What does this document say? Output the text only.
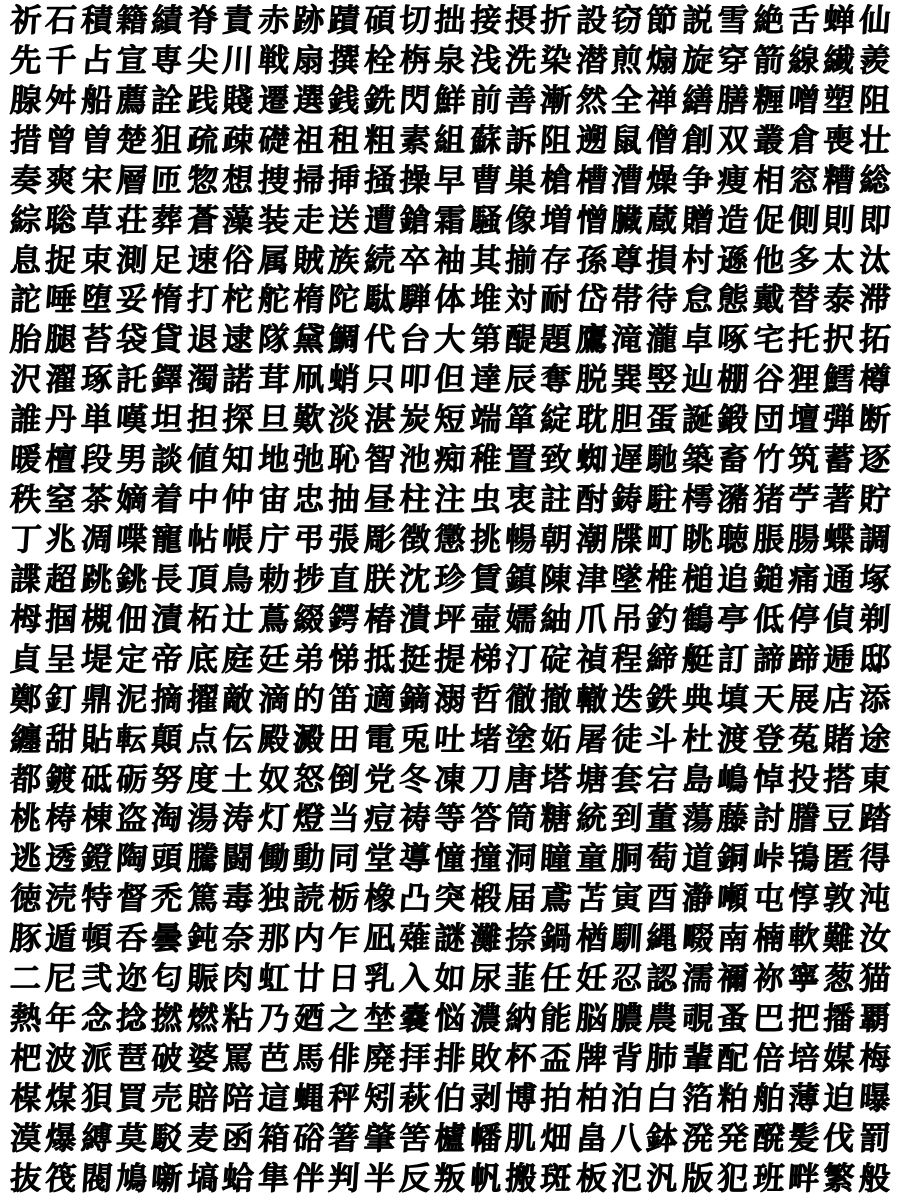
祈 石 積 籍 績 脊 責 赤 跡 蹟 碩 切 拙 接 摂 折 設 窃 節 説 雪 絶 舌 蝉 仙
先 千 占 宣 専 尖 川 戦 扇 撰 栓 栴 泉 浅 洗 染 潜 煎 煽 旋 穿 箭 線 繊 羨
腺 舛 船 薦 詮 践 賤 遷 選 銭 銑 閃 鮮 前 善 漸 然 全 禅 繕 膳 糎 噌 塑 阻
措 曾 曽 楚 狙 疏 疎 礎 祖 租 粗 素 組 蘇 訴 阻 遡 鼠 僧 創 双 叢 倉 喪 壮
奏 爽 宋 層 匝 惣 想 捜 掃 挿 掻 操 早 曹 巣 槍 槽 漕 燥 争 痩 相 窓 糟 総
綜 聡 草 荘 葬 蒼 藻 装 走 送 遭 鎗 霜 騒 像 増 憎 臓 蔵 贈 造 促 側 則 即
息 捉 束 測 足 速 俗 属 賊 族 続 卒 袖 其 揃 存 孫 尊 損 村 遜 他 多 太 汰
詑 唾 堕 妥 惰 打 柁 舵 楕 陀 駄 騨 体 堆 対 耐 岱 帯 待 怠 態 戴 替 泰 滞
胎 腿 苔 袋 貸 退 逮 隊 黛 鯛 代 台 大 第 醍 題 鷹 滝 瀧 卓 啄 宅 托 択 拓
沢 濯 琢 託 鐸 濁 諾 茸 凧 蛸 只 叩 但 達 辰 奪 脱 巽 竪 辿 棚 谷 狸 鱈 樽
誰 丹 単 嘆 坦 担 探 旦 歎 淡 湛 炭 短 端 箪 綻 耽 胆 蛋 誕 鍛 団 壇 弾 断
暖 檀 段 男 談 値 知 地 弛 恥 智 池 痴 稚 置 致 蜘 遅 馳 築 畜 竹 筑 蓄 逐
秩 窒 茶 嫡 着 中 仲 宙 忠 抽 昼 柱 注 虫 衷 註 酎 鋳 駐 樗 瀦 猪 苧 著 貯
丁 兆 凋 喋 寵 帖 帳 庁 弔 張 彫 徴 懲 挑 暢 朝 潮 牒 町 眺 聴 脹 腸 蝶 調
諜 超 跳 銚 長 頂 鳥 勅 捗 直 朕 沈 珍 賃 鎮 陳 津 墜 椎 槌 追 鎚 痛 通 塚
栂 掴 槻 佃 漬 柘 辻 蔦 綴 鍔 椿 潰 坪 壷 嬬 紬 爪 吊 釣 鶴 亭 低 停 偵 剃
貞 呈 堤 定 帝 底 庭 廷 弟 悌 抵 挺 提 梯 汀 碇 禎 程 締 艇 訂 諦 蹄 逓 邸
鄭 釘 鼎 泥 摘 擢 敵 滴 的 笛 適 鏑 溺 哲 徹 撤 轍 迭 鉄 典 填 天 展 店 添
纏 甜 貼 転 顛 点 伝 殿 澱 田 電 兎 吐 堵 塗 妬 屠 徒 斗 杜 渡 登 菟 賭 途
都 鍍 砥 砺 努 度 土 奴 怒 倒 党 冬 凍 刀 唐 塔 塘 套 宕 島 嶋 悼 投 搭 東
桃 梼 棟 盗 淘 湯 涛 灯 燈 当 痘 祷 等 答 筒 糖 統 到 董 蕩 藤 討 謄 豆 踏
逃 透 鐙 陶 頭 騰 闘 働 動 同 堂 導 憧 撞 洞 瞳 童 胴 萄 道 銅 峠 鴇 匿 得
徳 涜 特 督 禿 篤 毒 独 読 栃 橡 凸 突 椴 届 鳶 苫 寅 酉 瀞 噸 屯 惇 敦 沌
豚 遁 頓 呑 曇 鈍 奈 那 内 乍 凪 薙 謎 灘 捺 鍋 楢 馴 縄 畷 南 楠 軟 難 汝
二 尼 弐 迩 匂 賑 肉 虹 廿 日 乳 入 如 尿 韮 任 妊 忍 認 濡 禰 祢 寧 葱 猫
熱 年 念 捻 撚 燃 粘 乃 廼 之 埜 嚢 悩 濃 納 能 脳 膿 農 覗 蚤 巴 把 播 覇
杷 波 派 琶 破 婆 罵 芭 馬 俳 廃 拝 排 敗 杯 盃 牌 背 肺 輩 配 倍 培 媒 梅
楳 煤 狽 買 売 賠 陪 這 蝿 秤 矧 萩 伯 剥 博 拍 柏 泊 白 箔 粕 舶 薄 迫 曝
漠 爆 縛 莫 駁 麦 函 箱 硲 箸 肇 筈 櫨 幡 肌 畑 畠 八 鉢 溌 発 醗 髪 伐 罰
抜 筏 閥 鳩 噺 塙 蛤 隼 伴 判 半 反 叛 帆 搬 斑 板 氾 汎 版 犯 班 畔 繁 般
